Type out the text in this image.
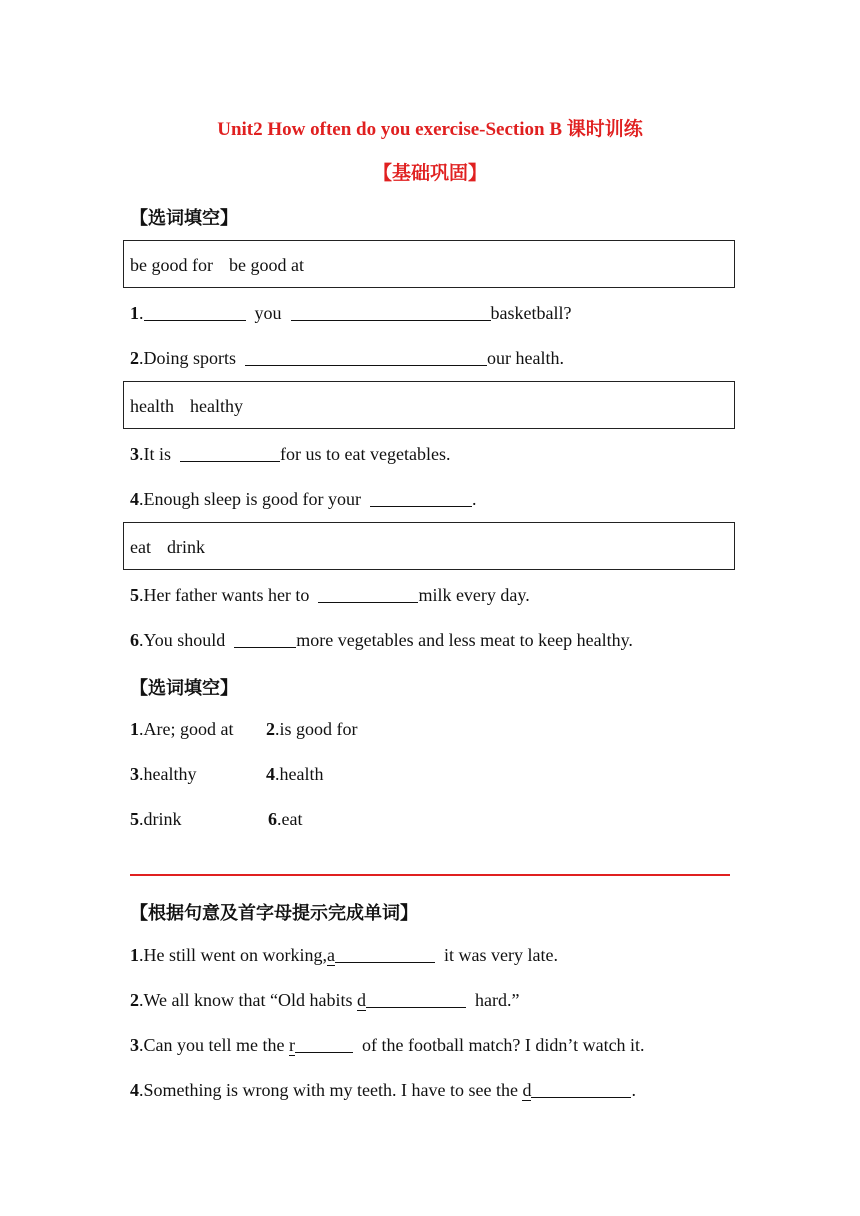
Unit2 How often do you exercise-Section B 课时训练
【基础巩固】
【选词填空】
be good for be good at
1.	you	basketball?
2.Doing sports	our health.
health healthy
3.It is	for us to eat vegetables.
4.Enough sleep is good for your	.
eat drink
5.Her father wants her to	milk every day.
6.You should	more vegetables and less meat to keep healthy.
【选词填空】
1.Are; good at 2.is good for
3.healthy	4.health
5.drink	6.eat
【根据句意及首字母提示完成单词】
1.He still went on working,a	it was very late.
2.We all know that “Old habits d	hard.”
3.Can you tell me the r	of the football match? I didn’t watch it.
4.Something is wrong with my teeth. I have to see the d	.
